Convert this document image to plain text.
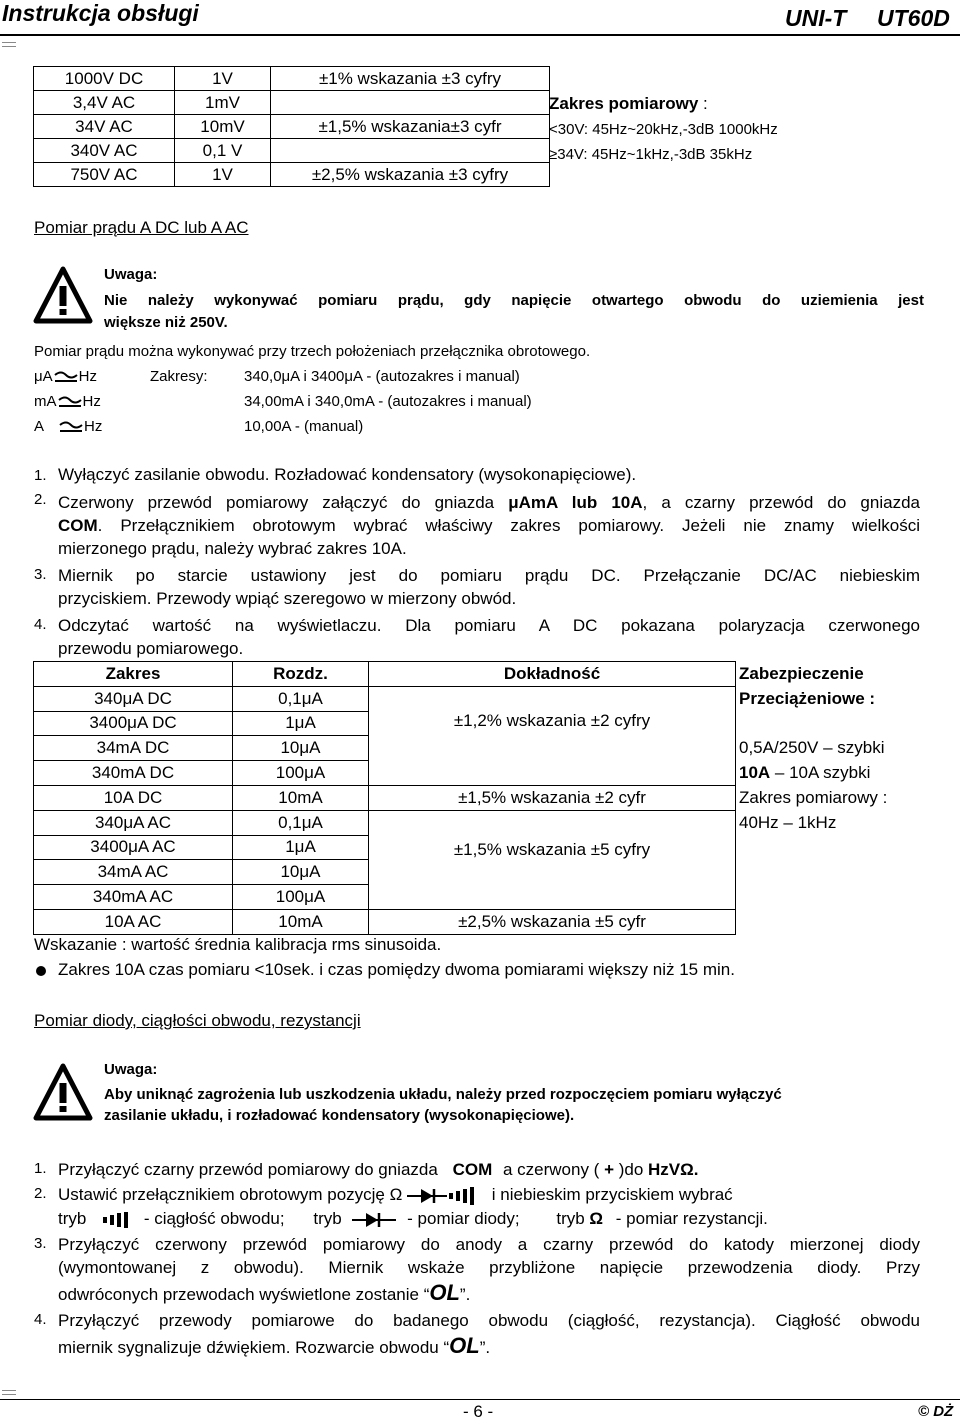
Instrukcja obsługi	UNI-T UT60D
1000V DC	1V	±1% wskazania ±3 cyfry
3,4V AC	1mV	
34V AC	10mV	±1,5% wskazania±3 cyfr
340V AC	0,1 V	
750V AC	1V	±2,5% wskazania ±3 cyfry
Zakres pomiarowy :
<30V: 45Hz~20kHz,-3dB 1000kHz
≥34V: 45Hz~1kHz,-3dB 35kHz
Pomiar prądu A DC lub A AC
Uwaga:
Nie należy wykonywać pomiaru prądu, gdy napięcie otwartego obwodu do uziemienia jest
większe niż 250V.
Pomiar prądu można wykonywać przy trzech położeniach przełącznika obrotowego.
μA Hz	Zakresy: 340,0μA i 3400μA - (autozakres i manual)
mA Hz	34,00mA i 340,0mA - (autozakres i manual)
A	Hz	10,00A - (manual)
1. Wyłączyć zasilanie obwodu. Rozładować kondensatory (wysokonapięciowe).
2. Czerwony przewód pomiarowy załączyć do gniazda μAmA lub 10A, a czarny przewód do gniazda
COM. Przełącznikiem obrotowym wybrać właściwy zakres pomiarowy. Jeżeli nie znamy wielkości
mierzonego prądu, należy wybrać zakres 10A.
3. Miernik po starcie ustawiony jest do pomiaru prądu DC. Przełączanie DC/AC niebieskim
przyciskiem. Przewody wpiąć szeregowo w mierzony obwód.
4. Odczytać wartość na wyświetlaczu. Dla pomiaru A DC pokazana polaryzacja czerwonego
przewodu pomiarowego.
Zakres	Rozdz.	Dokładność	Zabezpieczenie
340μA DC	0,1μA		Przeciążeniowe :
3400μA DC	1μA	±1,2% wskazania ±2 cyfry	
34mA DC	10μA		0,5A/250V – szybki
340mA DC	100μA		10A – 10A szybki
10A DC	10mA	±1,5% wskazania ±2 cyfr	Zakres pomiarowy :
340μA AC	0,1μA		40Hz – 1kHz
3400μA AC	1μA	±1,5% wskazania ±5 cyfry	
34mA AC	10μA		
340mA AC	100μA		
10A AC	10mA	±2,5% wskazania ±5 cyfr	
Wskazanie : wartość średnia kalibracja rms sinusoida.
Zakres 10A czas pomiaru <10sek. i czas pomiędzy dwoma pomiarami większy niż 15 min.
Pomiar diody, ciągłości obwodu, rezystancji
Uwaga:
Aby uniknąć zagrożenia lub uszkodzenia układu, należy przed rozpoczęciem pomiaru wyłączyć
zasilanie układu, i rozładować kondensatory (wysokonapięciowe).
1. Przyłączyć czarny przewód pomiarowy do gniazda COM a czerwony ( + )do HzVΩ.
2. Ustawić przełącznikiem obrotowym pozycję Ω	i niebieskim przyciskiem wybrać
tryb	- ciągłość obwodu; tryb	- pomiar diody; tryb Ω - pomiar rezystancji.
3. Przyłączyć czerwony przewód pomiarowy do anody a czarny przewód do katody mierzonej diody
(wymontowanej z obwodu). Miernik wskaże przybliżone napięcie przewodzenia diody. Przy
odwróconych przewodach wyświetlone zostanie “OL”.
4. Przyłączyć przewody pomiarowe do badanego obwodu (ciągłość, rezystancja). Ciągłość obwodu
miernik sygnalizuje dźwiękiem. Rozwarcie obwodu “OL”.
- 6 -	© DŻ
